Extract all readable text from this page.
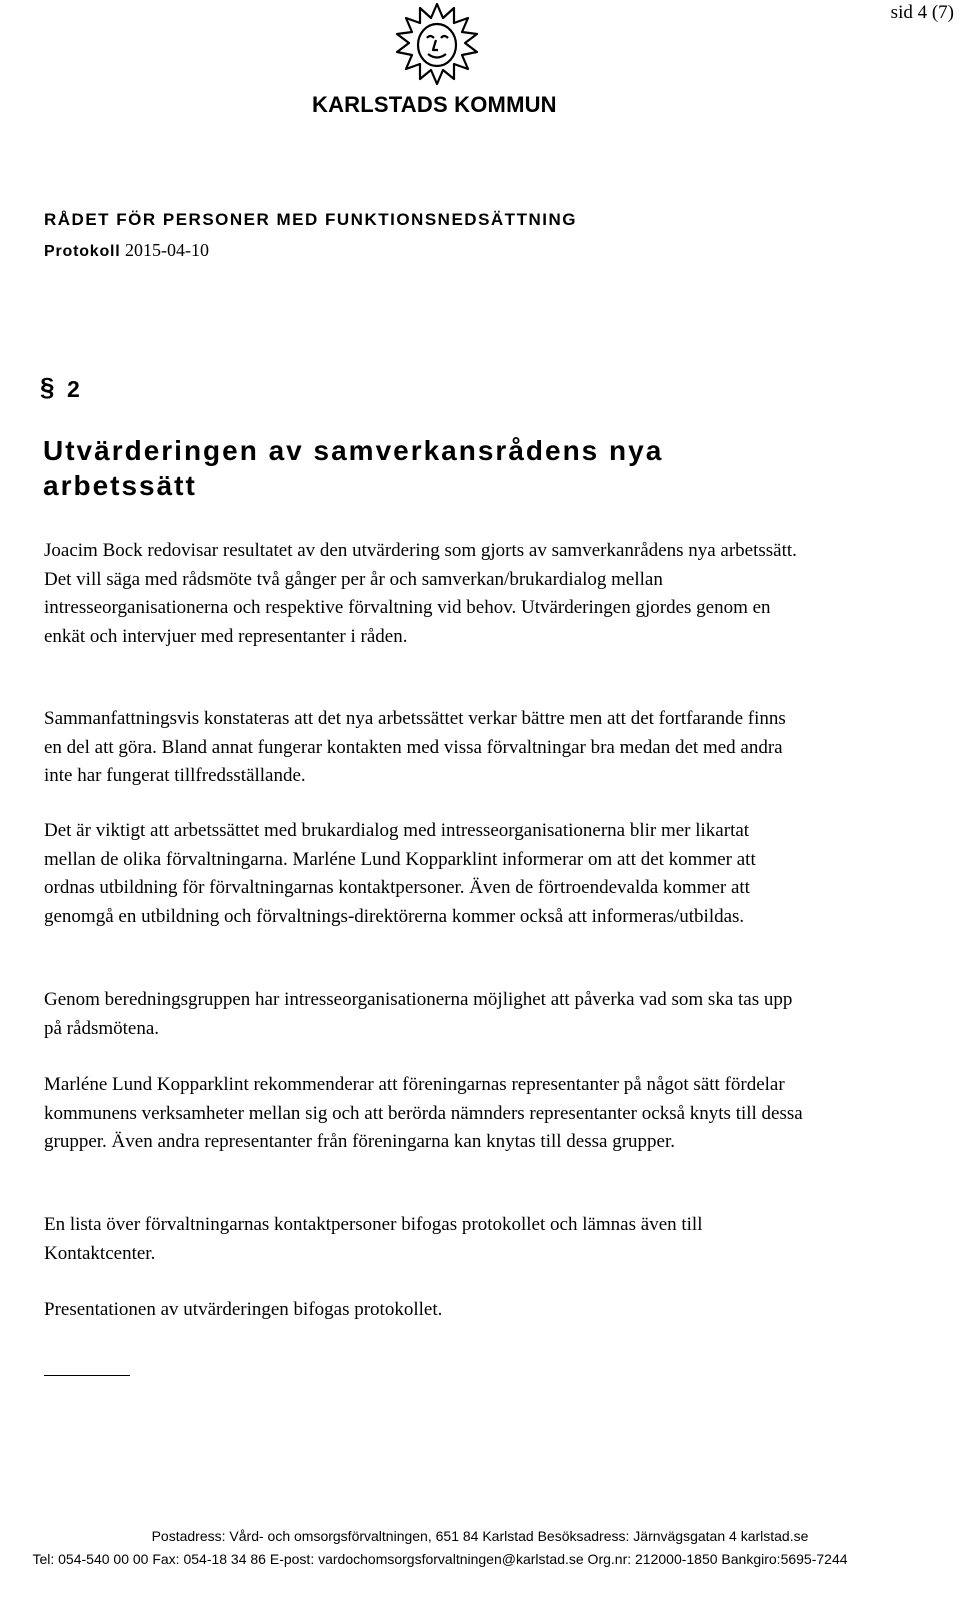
sid 4 (7)
KARLSTADS KOMMUN
RÅDET FÖR PERSONER MED FUNKTIONSNEDSÄTTNING
Protokoll 2015-04-10
§ 2
Utvärderingen av samverkansrådens nya arbetssätt

Joacim Bock redovisar resultatet av den utvärdering som gjorts av samverkanrådens nya arbetssätt. Det vill säga med rådsmöte två gånger per år och samverkan/brukardialog mellan intresseorganisationerna och respektive förvaltning vid behov. Utvärderingen gjordes genom en enkät och intervjuer med representanter i råden.

Sammanfattningsvis konstateras att det nya arbetssättet verkar bättre men att det fortfarande finns en del att göra. Bland annat fungerar kontakten med vissa förvaltningar bra medan det med andra inte har fungerat tillfredsställande.

Det är viktigt att arbetssättet med brukardialog med intresseorganisationerna blir mer likartat mellan de olika förvaltningarna. Marléne Lund Kopparklint informerar om att det kommer att ordnas utbildning för förvaltningarnas kontaktpersoner. Även de förtroendevalda kommer att genomgå en utbildning och förvaltnings-direktörerna kommer också att informeras/utbildas.

Genom beredningsgruppen har intresseorganisationerna möjlighet att påverka vad som ska tas upp på rådsmötena.

Marléne Lund Kopparklint rekommenderar att föreningarnas representanter på något sätt fördelar kommunens verksamheter mellan sig och att berörda nämnders representanter också knyts till dessa grupper. Även andra representanter från föreningarna kan knytas till dessa grupper.

En lista över förvaltningarnas kontaktpersoner bifogas protokollet och lämnas även till Kontaktcenter.

Presentationen av utvärderingen bifogas protokollet.

Postadress: Vård- och omsorgsförvaltningen, 651 84 Karlstad Besöksadress: Järnvägsgatan 4 karlstad.se
Tel: 054-540 00 00 Fax: 054-18 34 86 E-post: vardochomsorgsforvaltningen@karlstad.se Org.nr: 212000-1850 Bankgiro:5695-7244
